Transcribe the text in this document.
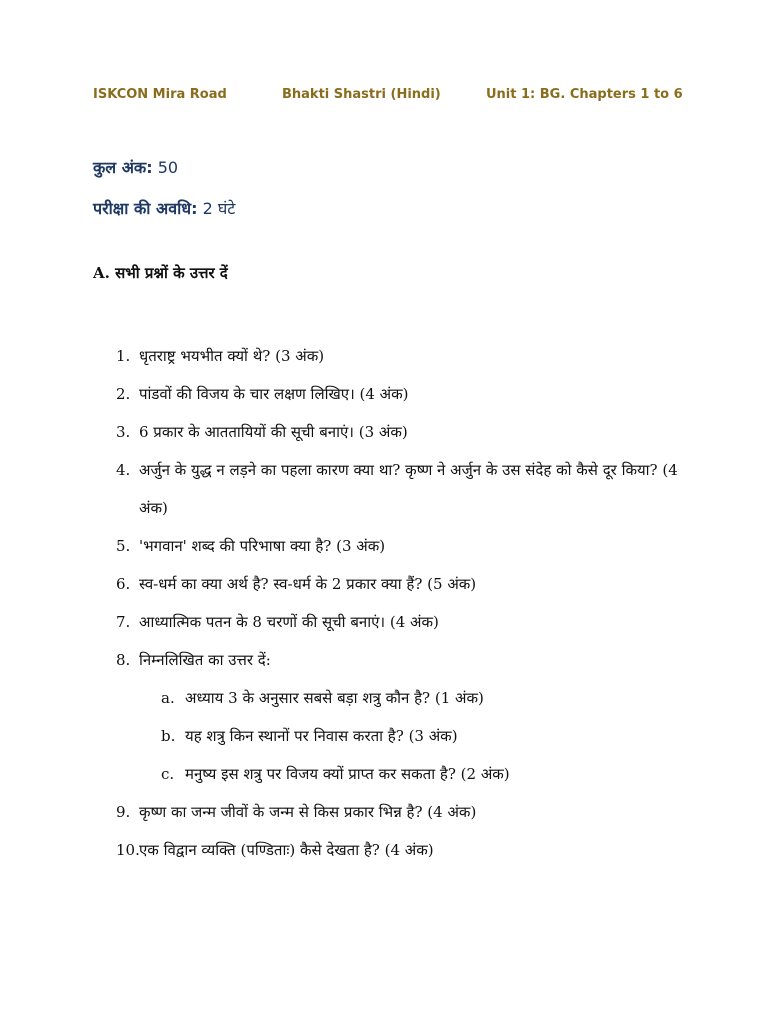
ISKCON Mira Road	Bhakti Shastri (Hindi)	Unit 1: BG. Chapters 1 to 6
कुल अंक: 50
परीक्षा की अवधि: 2 घंटे
A. सभी प्रश्नों के उत्तर दें
1. धृतराष्ट्र भयभीत क्यों थे? (3 अंक)
2. पांडवों की विजय के चार लक्षण लिखिए। (4 अंक)
3. 6 प्रकार के आततायियों की सूची बनाएं। (3 अंक)
4. अर्जुन के युद्ध न लड़ने का पहला कारण क्या था? कृष्ण ने अर्जुन के उस संदेह को कैसे दूर किया? (4 अंक)
5. 'भगवान' शब्द की परिभाषा क्या है? (3 अंक)
6. स्व-धर्म का क्या अर्थ है? स्व-धर्म के 2 प्रकार क्या हैं? (5 अंक)
7. आध्यात्मिक पतन के 8 चरणों की सूची बनाएं। (4 अंक)
8. निम्नलिखित का उत्तर दें:
a. अध्याय 3 के अनुसार सबसे बड़ा शत्रु कौन है? (1 अंक)
b. यह शत्रु किन स्थानों पर निवास करता है? (3 अंक)
c. मनुष्य इस शत्रु पर विजय क्यों प्राप्त कर सकता है? (2 अंक)
9. कृष्ण का जन्म जीवों के जन्म से किस प्रकार भिन्न है? (4 अंक)
10. एक विद्वान व्यक्ति (पण्डिताः) कैसे देखता है? (4 अंक)
